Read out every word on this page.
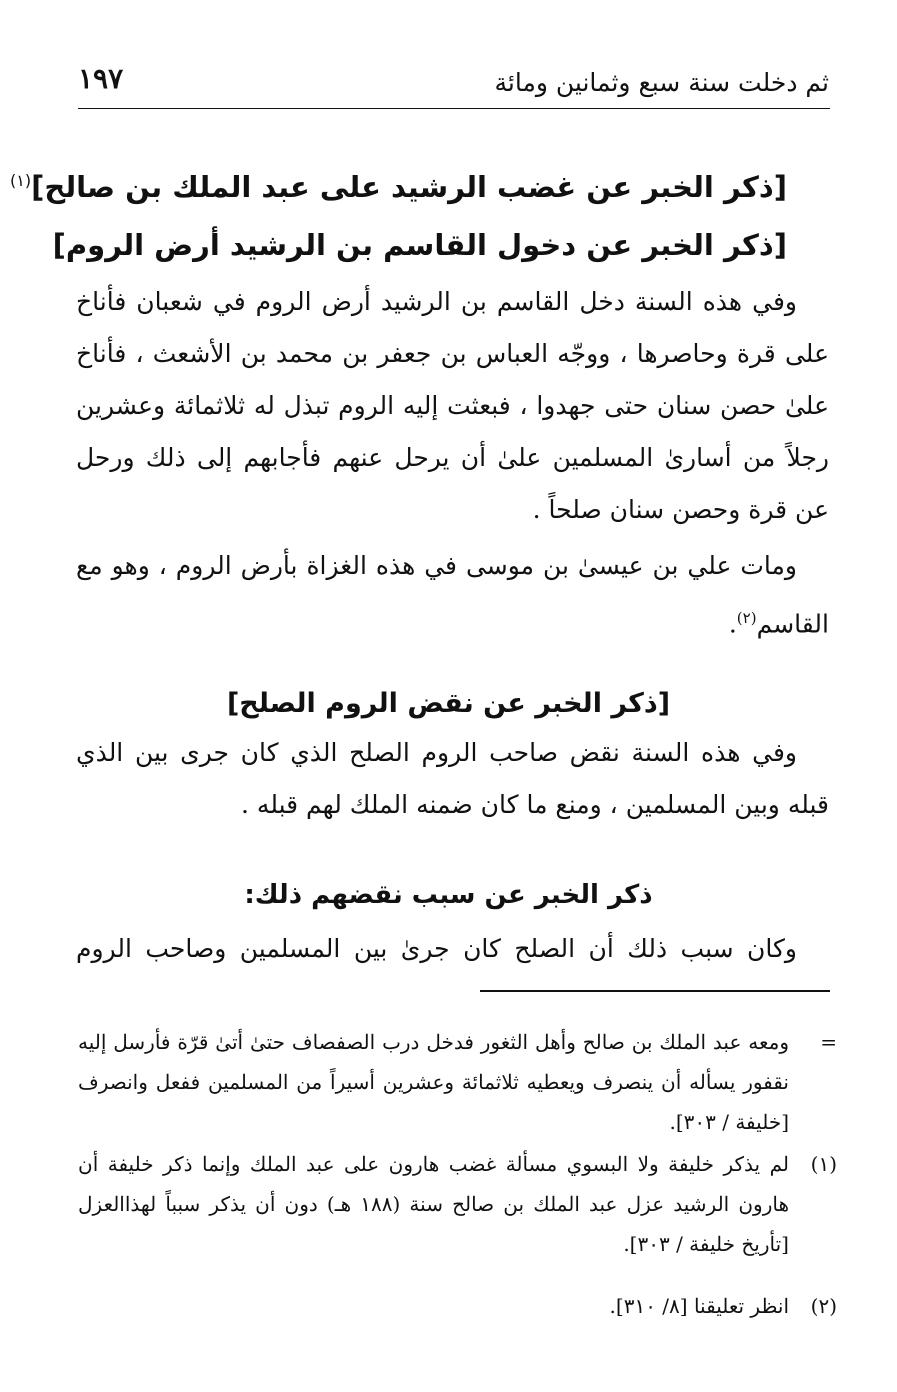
ثم دخلت سنة سبع وثمانين ومائة
١٩٧
[ذكر الخبر عن غضب الرشيد على عبد الملك بن صالح]$^{(١)}$
[ذكر الخبر عن دخول القاسم بن الرشيد أرض الروم]
وفي هذه السنة دخل القاسم بن الرشيد أرض الروم في شعبان فأناخ على قرة وحاصرها ، ووجّه العباس بن جعفر بن محمد بن الأشعث ، فأناخ علىٰ حصن سنان حتى جهدوا ، فبعثت إليه الروم تبذل له ثلاثمائة وعشرين رجلاً من أسارىٰ المسلمين علىٰ أن يرحل عنهم فأجابهم إلى ذلك ورحل عن قرة وحصن سنان صلحاً .
ومات علي بن عيسىٰ بن موسى في هذه الغزاة بأرض الروم ، وهو مع القاسم$^{(٢)}$.
[ذكر الخبر عن نقض الروم الصلح]
وفي هذه السنة نقض صاحب الروم الصلح الذي كان جرى بين الذي قبله وبين المسلمين ، ومنع ما كان ضمنه الملك لهم قبله .
ذكر الخبر عن سبب نقضهم ذلك:
وكان سبب ذلك أن الصلح كان جرىٰ بين المسلمين وصاحب الروم
=
ومعه عبد الملك بن صالح وأهل الثغور فدخل درب الصفصاف حتىٰ أتىٰ قرّة فأرسل إليه نقفور يسأله أن ينصرف ويعطيه ثلاثمائة وعشرين أسيراً من المسلمين ففعل وانصرف [خليفة / ٣٠٣].
(١)
لم يذكر خليفة ولا البسوي مسألة غضب هارون على عبد الملك وإنما ذكر خليفة أن هارون الرشيد عزل عبد الملك بن صالح سنة (١٨٨ هـ) دون أن يذكر سبباً لهذاالعزل [تأريخ خليفة / ٣٠٣].
(٢)
انظر تعليقنا [٨/ ٣١٠].
